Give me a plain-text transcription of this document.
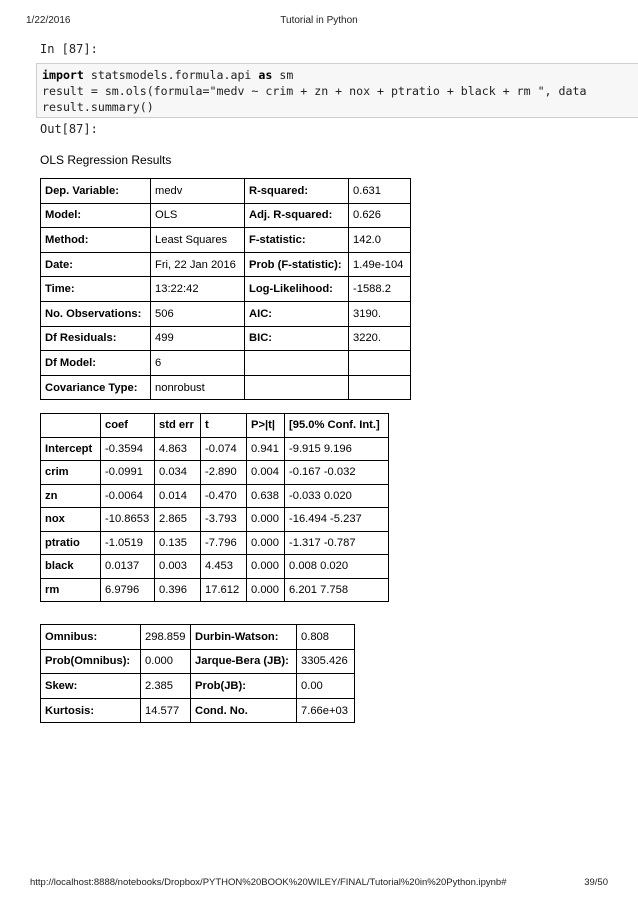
1/22/2016	Tutorial in Python
In [87]:
import statsmodels.formula.api as sm
result = sm.ols(formula="medv ~ crim + zn + nox + ptratio + black + rm ", data
result.summary()
Out[87]:
OLS Regression Results
Dep. Variable:	medv	R-squared:	0.631
Model:	OLS	Adj. R-squared:	0.626
Method:	Least Squares	F-statistic:	142.0
Date:	Fri, 22 Jan 2016	Prob (F-statistic):	1.49e-104
Time:	13:22:42	Log-Likelihood:	-1588.2
No. Observations:	506	AIC:	3190.
Df Residuals:	499	BIC:	3220.
Df Model:	6		
Covariance Type:	nonrobust		
	coef	std err	t	P>|t|	[95.0% Conf. Int.]
Intercept	-0.3594	4.863	-0.074	0.941	-9.915 9.196
crim	-0.0991	0.034	-2.890	0.004	-0.167 -0.032
zn	-0.0064	0.014	-0.470	0.638	-0.033 0.020
nox	-10.8653	2.865	-3.793	0.000	-16.494 -5.237
ptratio	-1.0519	0.135	-7.796	0.000	-1.317 -0.787
black	0.0137	0.003	4.453	0.000	0.008 0.020
rm	6.9796	0.396	17.612	0.000	6.201 7.758
Omnibus:	298.859	Durbin-Watson:	0.808
Prob(Omnibus):	0.000	Jarque-Bera (JB):	3305.426
Skew:	2.385	Prob(JB):	0.00
Kurtosis:	14.577	Cond. No.	7.66e+03
http://localhost:8888/notebooks/Dropbox/PYTHON%20BOOK%20WILEY/FINAL/Tutorial%20in%20Python.ipynb#	39/50
